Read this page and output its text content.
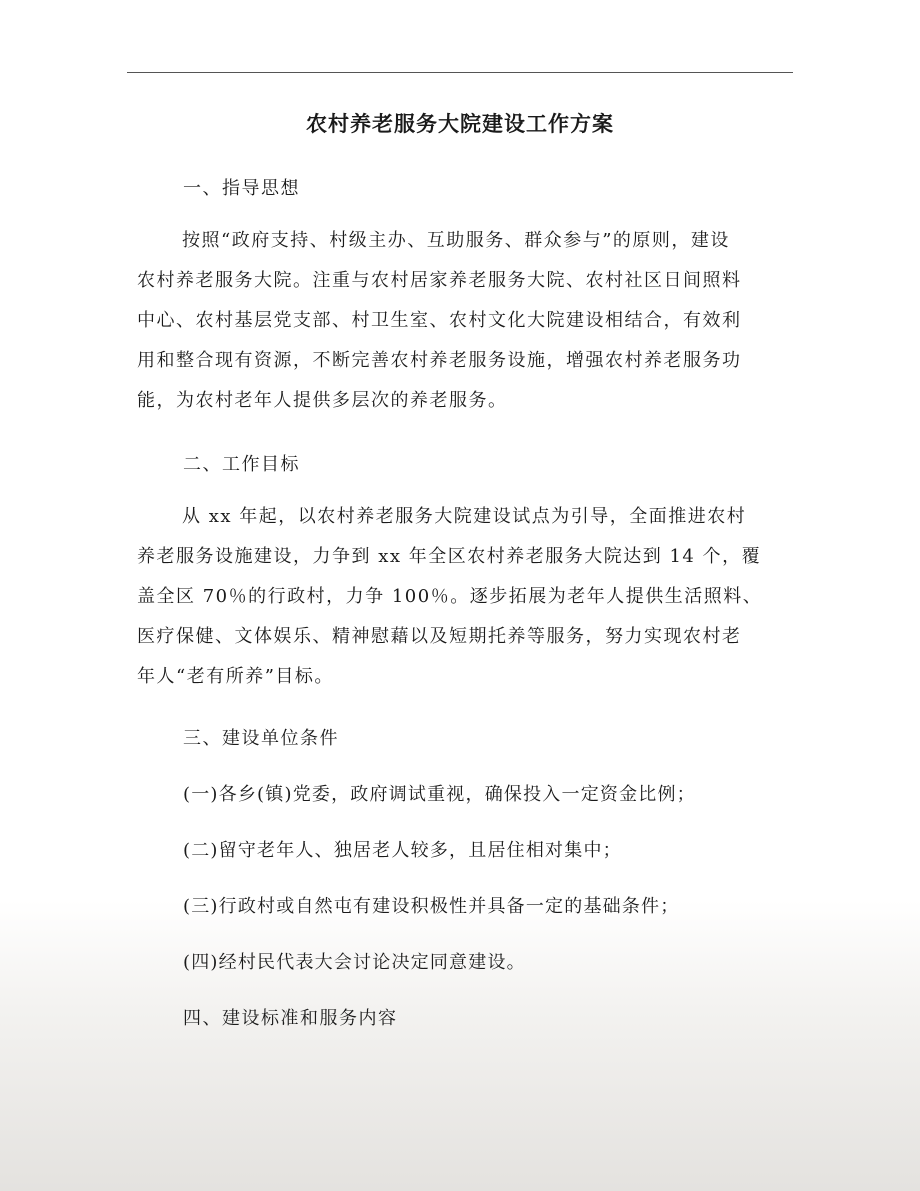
农村养老服务大院建设工作方案
一、指导思想
按照“政府支持、村级主办、互助服务、群众参与”的原则，建设
农村养老服务大院。注重与农村居家养老服务大院、农村社区日间照料
中心、农村基层党支部、村卫生室、农村文化大院建设相结合，有效利
用和整合现有资源，不断完善农村养老服务设施，增强农村养老服务功
能，为农村老年人提供多层次的养老服务。
二、工作目标
从 xx 年起，以农村养老服务大院建设试点为引导，全面推进农村
养老服务设施建设，力争到 xx 年全区农村养老服务大院达到 14 个，覆
盖全区 70％的行政村，力争 100％。逐步拓展为老年人提供生活照料、
医疗保健、文体娱乐、精神慰藉以及短期托养等服务，努力实现农村老
年人“老有所养”目标。
三、建设单位条件
(一)各乡(镇)党委，政府调试重视，确保投入一定资金比例；
(二)留守老年人、独居老人较多，且居住相对集中；
(三)行政村或自然屯有建设积极性并具备一定的基础条件；
(四)经村民代表大会讨论决定同意建设。
四、建设标准和服务内容
